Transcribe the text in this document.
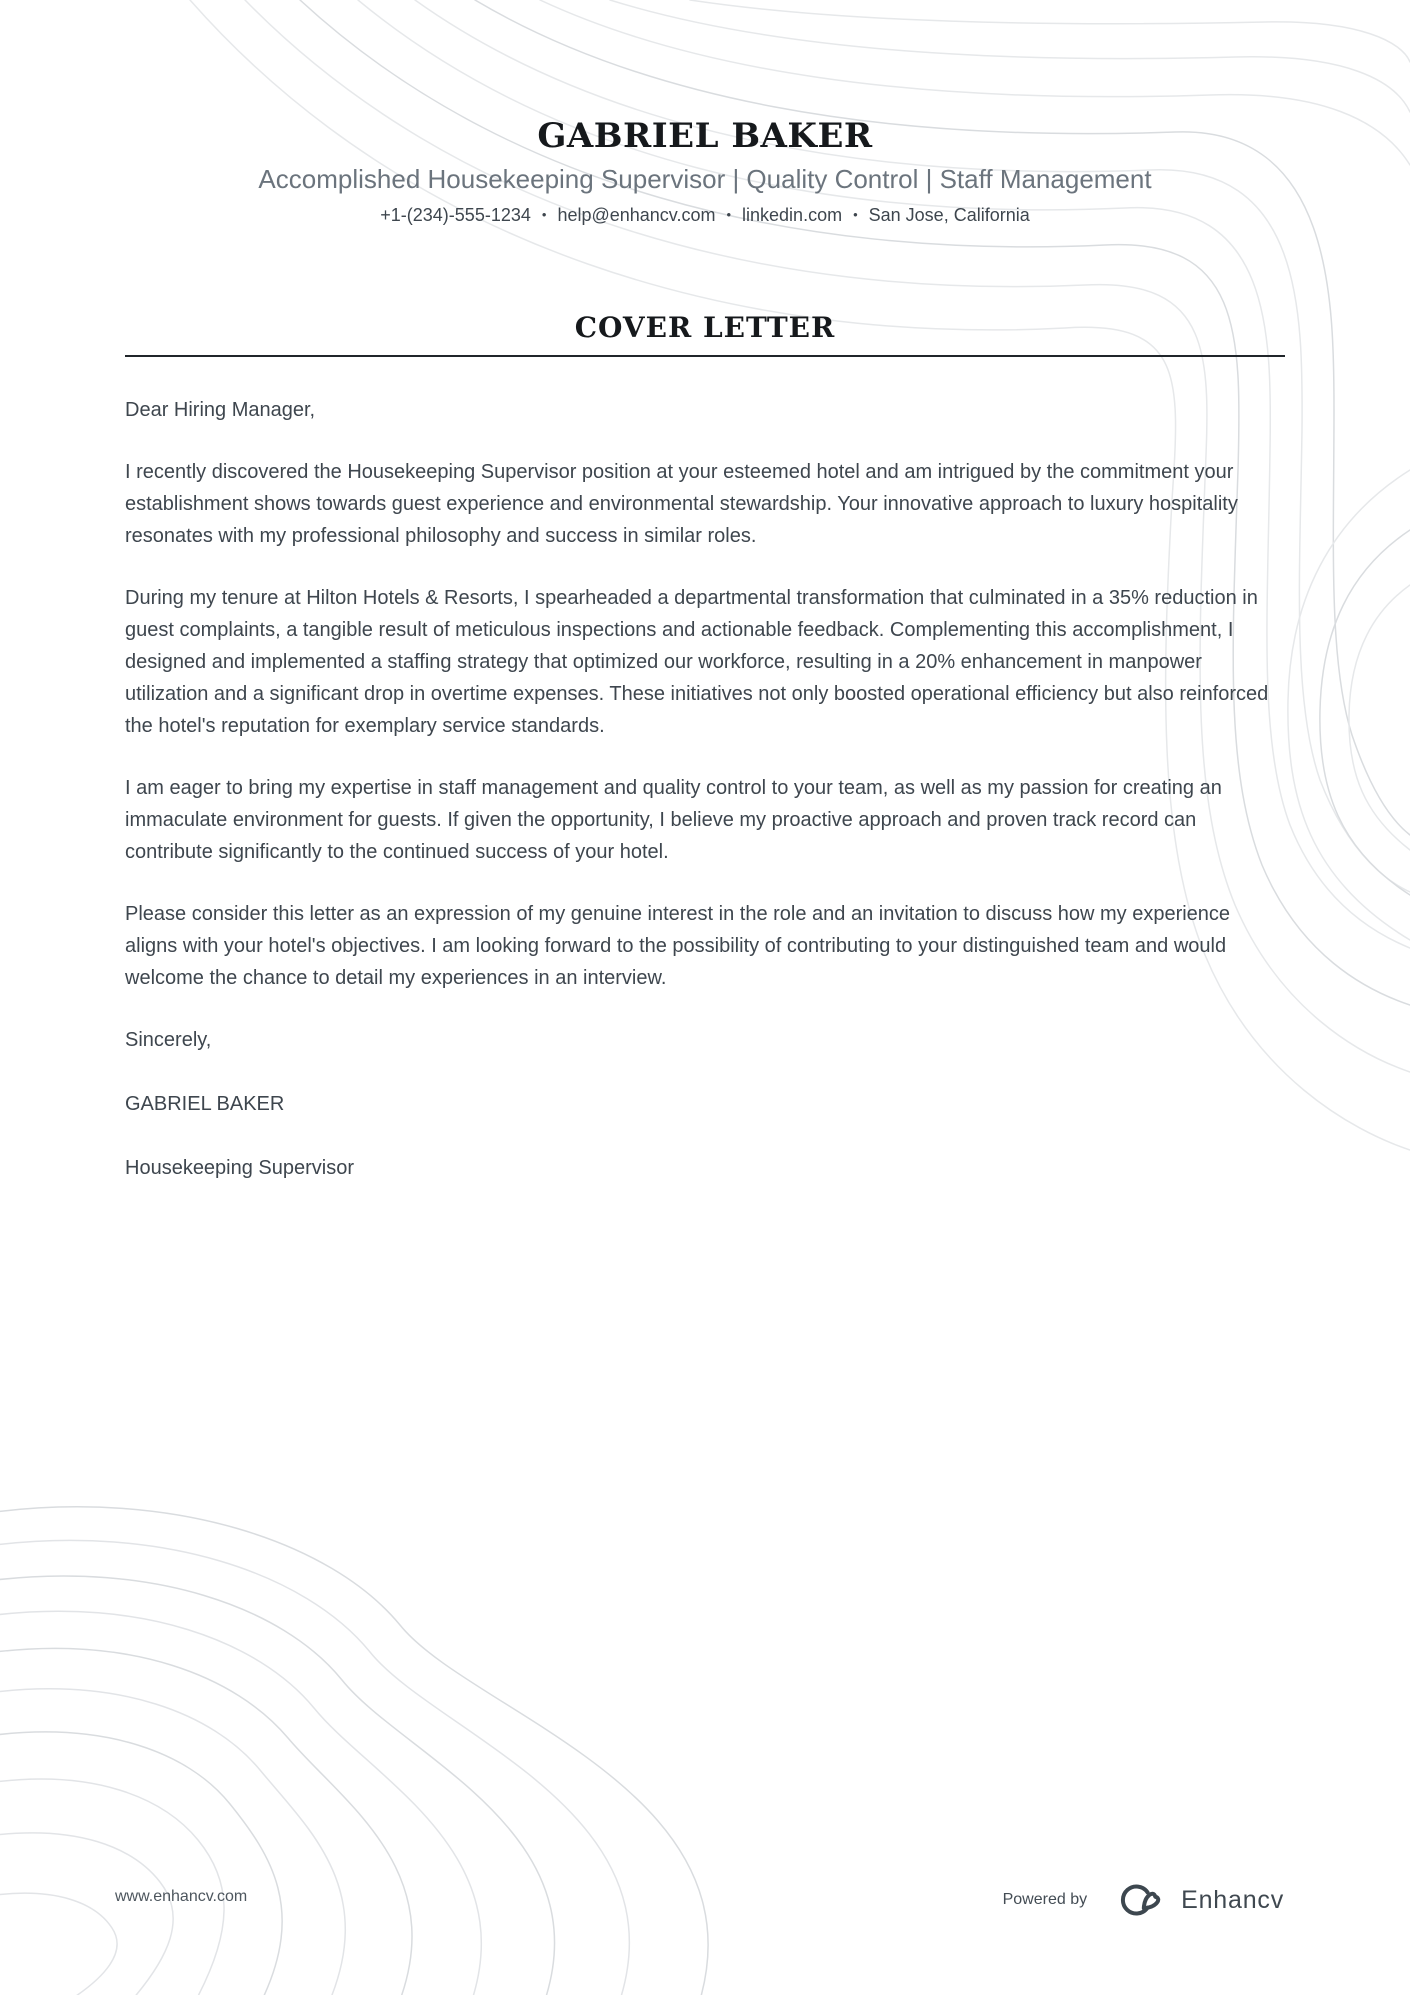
GABRIEL BAKER
Accomplished Housekeeping Supervisor | Quality Control | Staff Management
+1-(234)-555-1234 • help@enhancv.com • linkedin.com • San Jose, California
COVER LETTER

Dear Hiring Manager,

I recently discovered the Housekeeping Supervisor position at your esteemed hotel and am intrigued by the commitment your establishment shows towards guest experience and environmental stewardship. Your innovative approach to luxury hospitality resonates with my professional philosophy and success in similar roles.

During my tenure at Hilton Hotels & Resorts, I spearheaded a departmental transformation that culminated in a 35% reduction in guest complaints, a tangible result of meticulous inspections and actionable feedback. Complementing this accomplishment, I designed and implemented a staffing strategy that optimized our workforce, resulting in a 20% enhancement in manpower utilization and a significant drop in overtime expenses. These initiatives not only boosted operational efficiency but also reinforced the hotel's reputation for exemplary service standards.

I am eager to bring my expertise in staff management and quality control to your team, as well as my passion for creating an immaculate environment for guests. If given the opportunity, I believe my proactive approach and proven track record can contribute significantly to the continued success of your hotel.

Please consider this letter as an expression of my genuine interest in the role and an invitation to discuss how my experience aligns with your hotel's objectives. I am looking forward to the possibility of contributing to your distinguished team and would welcome the chance to detail my experiences in an interview.

Sincerely,

GABRIEL BAKER

Housekeeping Supervisor

www.enhancv.com	Powered by	Enhancv
